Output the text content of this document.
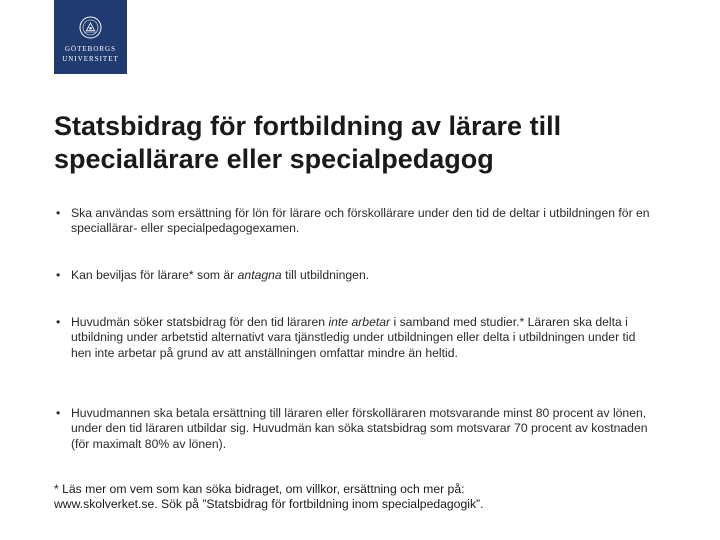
GÖTEBORGS
UNIVERSITET
Statsbidrag för fortbildning av lärare till
speciallärare eller specialpedagog
• Ska användas som ersättning för lön för lärare och förskollärare under den tid de deltar i utbildningen för en speciallärar- eller specialpedagogexamen.
• Kan beviljas för lärare* som är antagna till utbildningen.
• Huvudmän söker statsbidrag för den tid läraren inte arbetar i samband med studier.* Läraren ska delta i utbildning under arbetstid alternativt vara tjänstledig under utbildningen eller delta i utbildningen under tid hen inte arbetar på grund av att anställningen omfattar mindre än heltid.
• Huvudmannen ska betala ersättning till läraren eller förskolläraren motsvarande minst 80 procent av lönen, under den tid läraren utbildar sig. Huvudmän kan söka statsbidrag som motsvarar 70 procent av kostnaden (för maximalt 80% av lönen).
* Läs mer om vem som kan söka bidraget, om villkor, ersättning och mer på:
www.skolverket.se. Sök på ”Statsbidrag för fortbildning inom specialpedagogik”.
